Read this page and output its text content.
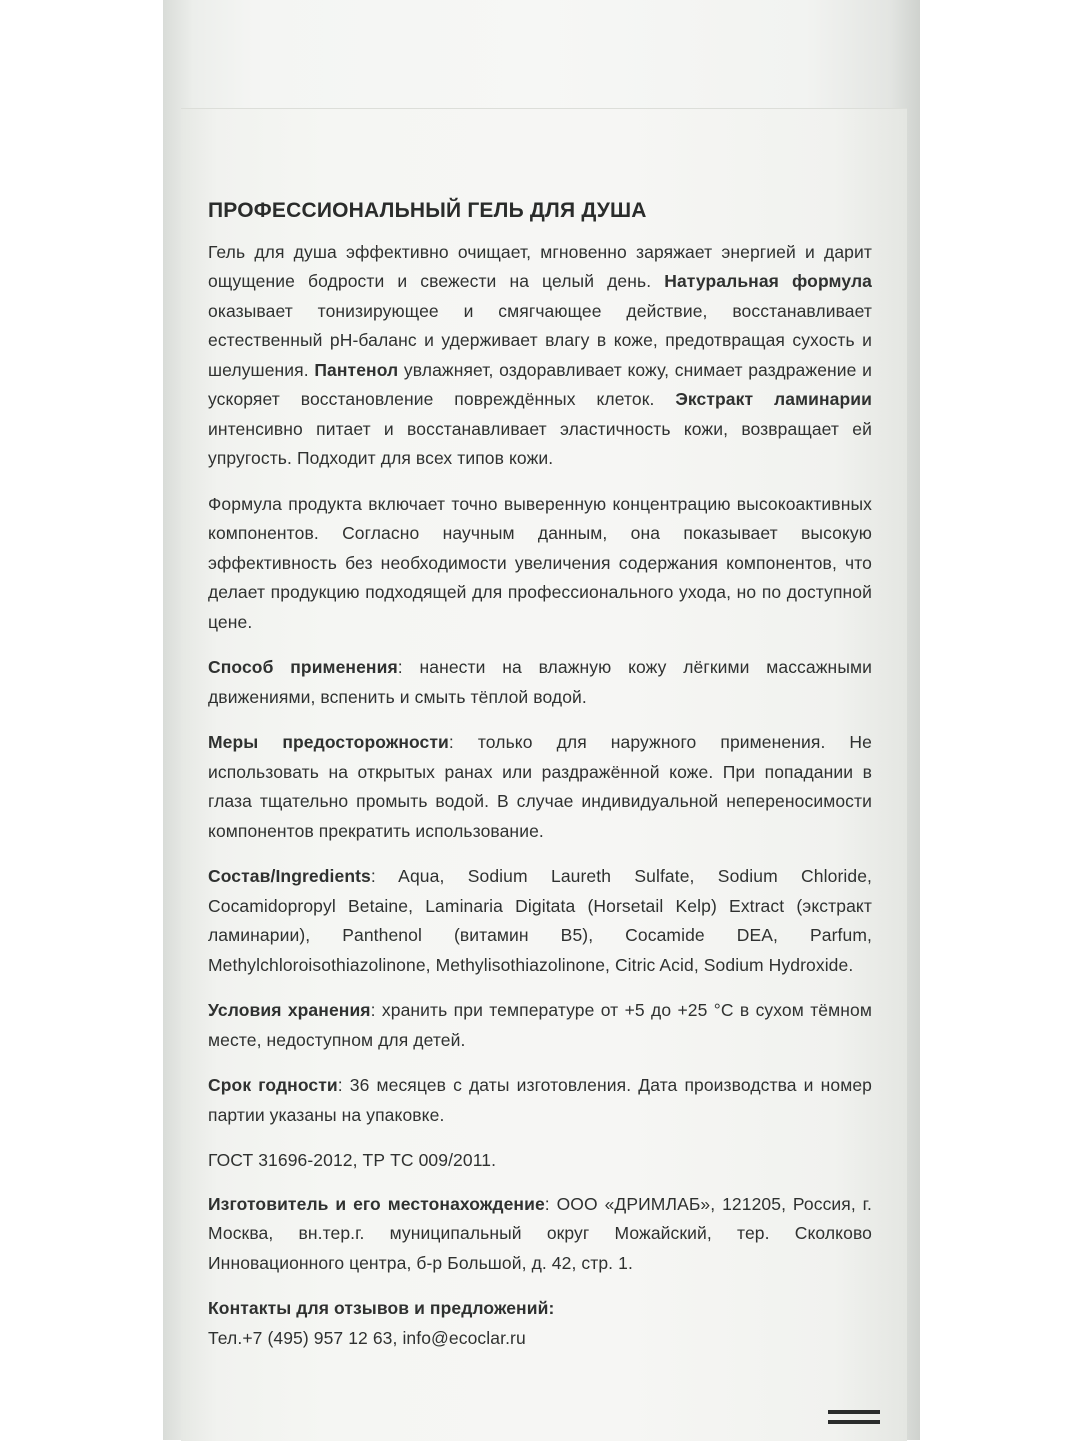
ПРОФЕССИОНАЛЬНЫЙ ГЕЛЬ ДЛЯ ДУША
Гель для душа эффективно очищает, мгновенно заряжает энергией и дарит ощущение бодрости и свежести на целый день. Натуральная формула оказывает тонизирующее и смягчающее действие, восстанавливает естественный pH-баланс и удерживает влагу в коже, предотвращая сухость и шелушения. Пантенол увлажняет, оздоравливает кожу, снимает раздражение и ускоряет восстановление повреждённых клеток. Экстракт ламинарии интенсивно питает и восстанавливает эластичность кожи, возвращает ей упругость. Подходит для всех типов кожи.
Формула продукта включает точно выверенную концентрацию высокоактивных компонентов. Согласно научным данным, она показывает высокую эффективность без необходимости увеличения содержания компонентов, что делает продукцию подходящей для профессионального ухода, но по доступной цене.
Способ применения: нанести на влажную кожу лёгкими массажными движениями, вспенить и смыть тёплой водой.
Меры предосторожности: только для наружного применения. Не использовать на открытых ранах или раздражённой коже. При попадании в глаза тщательно промыть водой. В случае индивидуальной непереносимости компонентов прекратить использование.
Состав/Ingredients: Aqua, Sodium Laureth Sulfate, Sodium Chloride, Cocamidopropyl Betaine, Laminaria Digitata (Horsetail Kelp) Extract (экстракт ламинарии), Panthenol (витамин B5), Cocamide DEA, Parfum, Methylchloroisothiazolinone, Methylisothiazolinone, Citric Acid, Sodium Hydroxide.
Условия хранения: хранить при температуре от +5 до +25 °С в сухом тёмном месте, недоступном для детей.
Срок годности: 36 месяцев с даты изготовления. Дата производства и номер партии указаны на упаковке.
ГОСТ 31696-2012, ТР ТС 009/2011.
Изготовитель и его местонахождение: ООО «ДРИМЛАБ», 121205, Россия, г. Москва, вн.тер.г. муниципальный округ Можайский, тер. Сколково Инновационного центра, б-р Большой, д. 42, стр. 1.
Контакты для отзывов и предложений:
Тел.+7 (495) 957 12 63, info@ecoclar.ru
